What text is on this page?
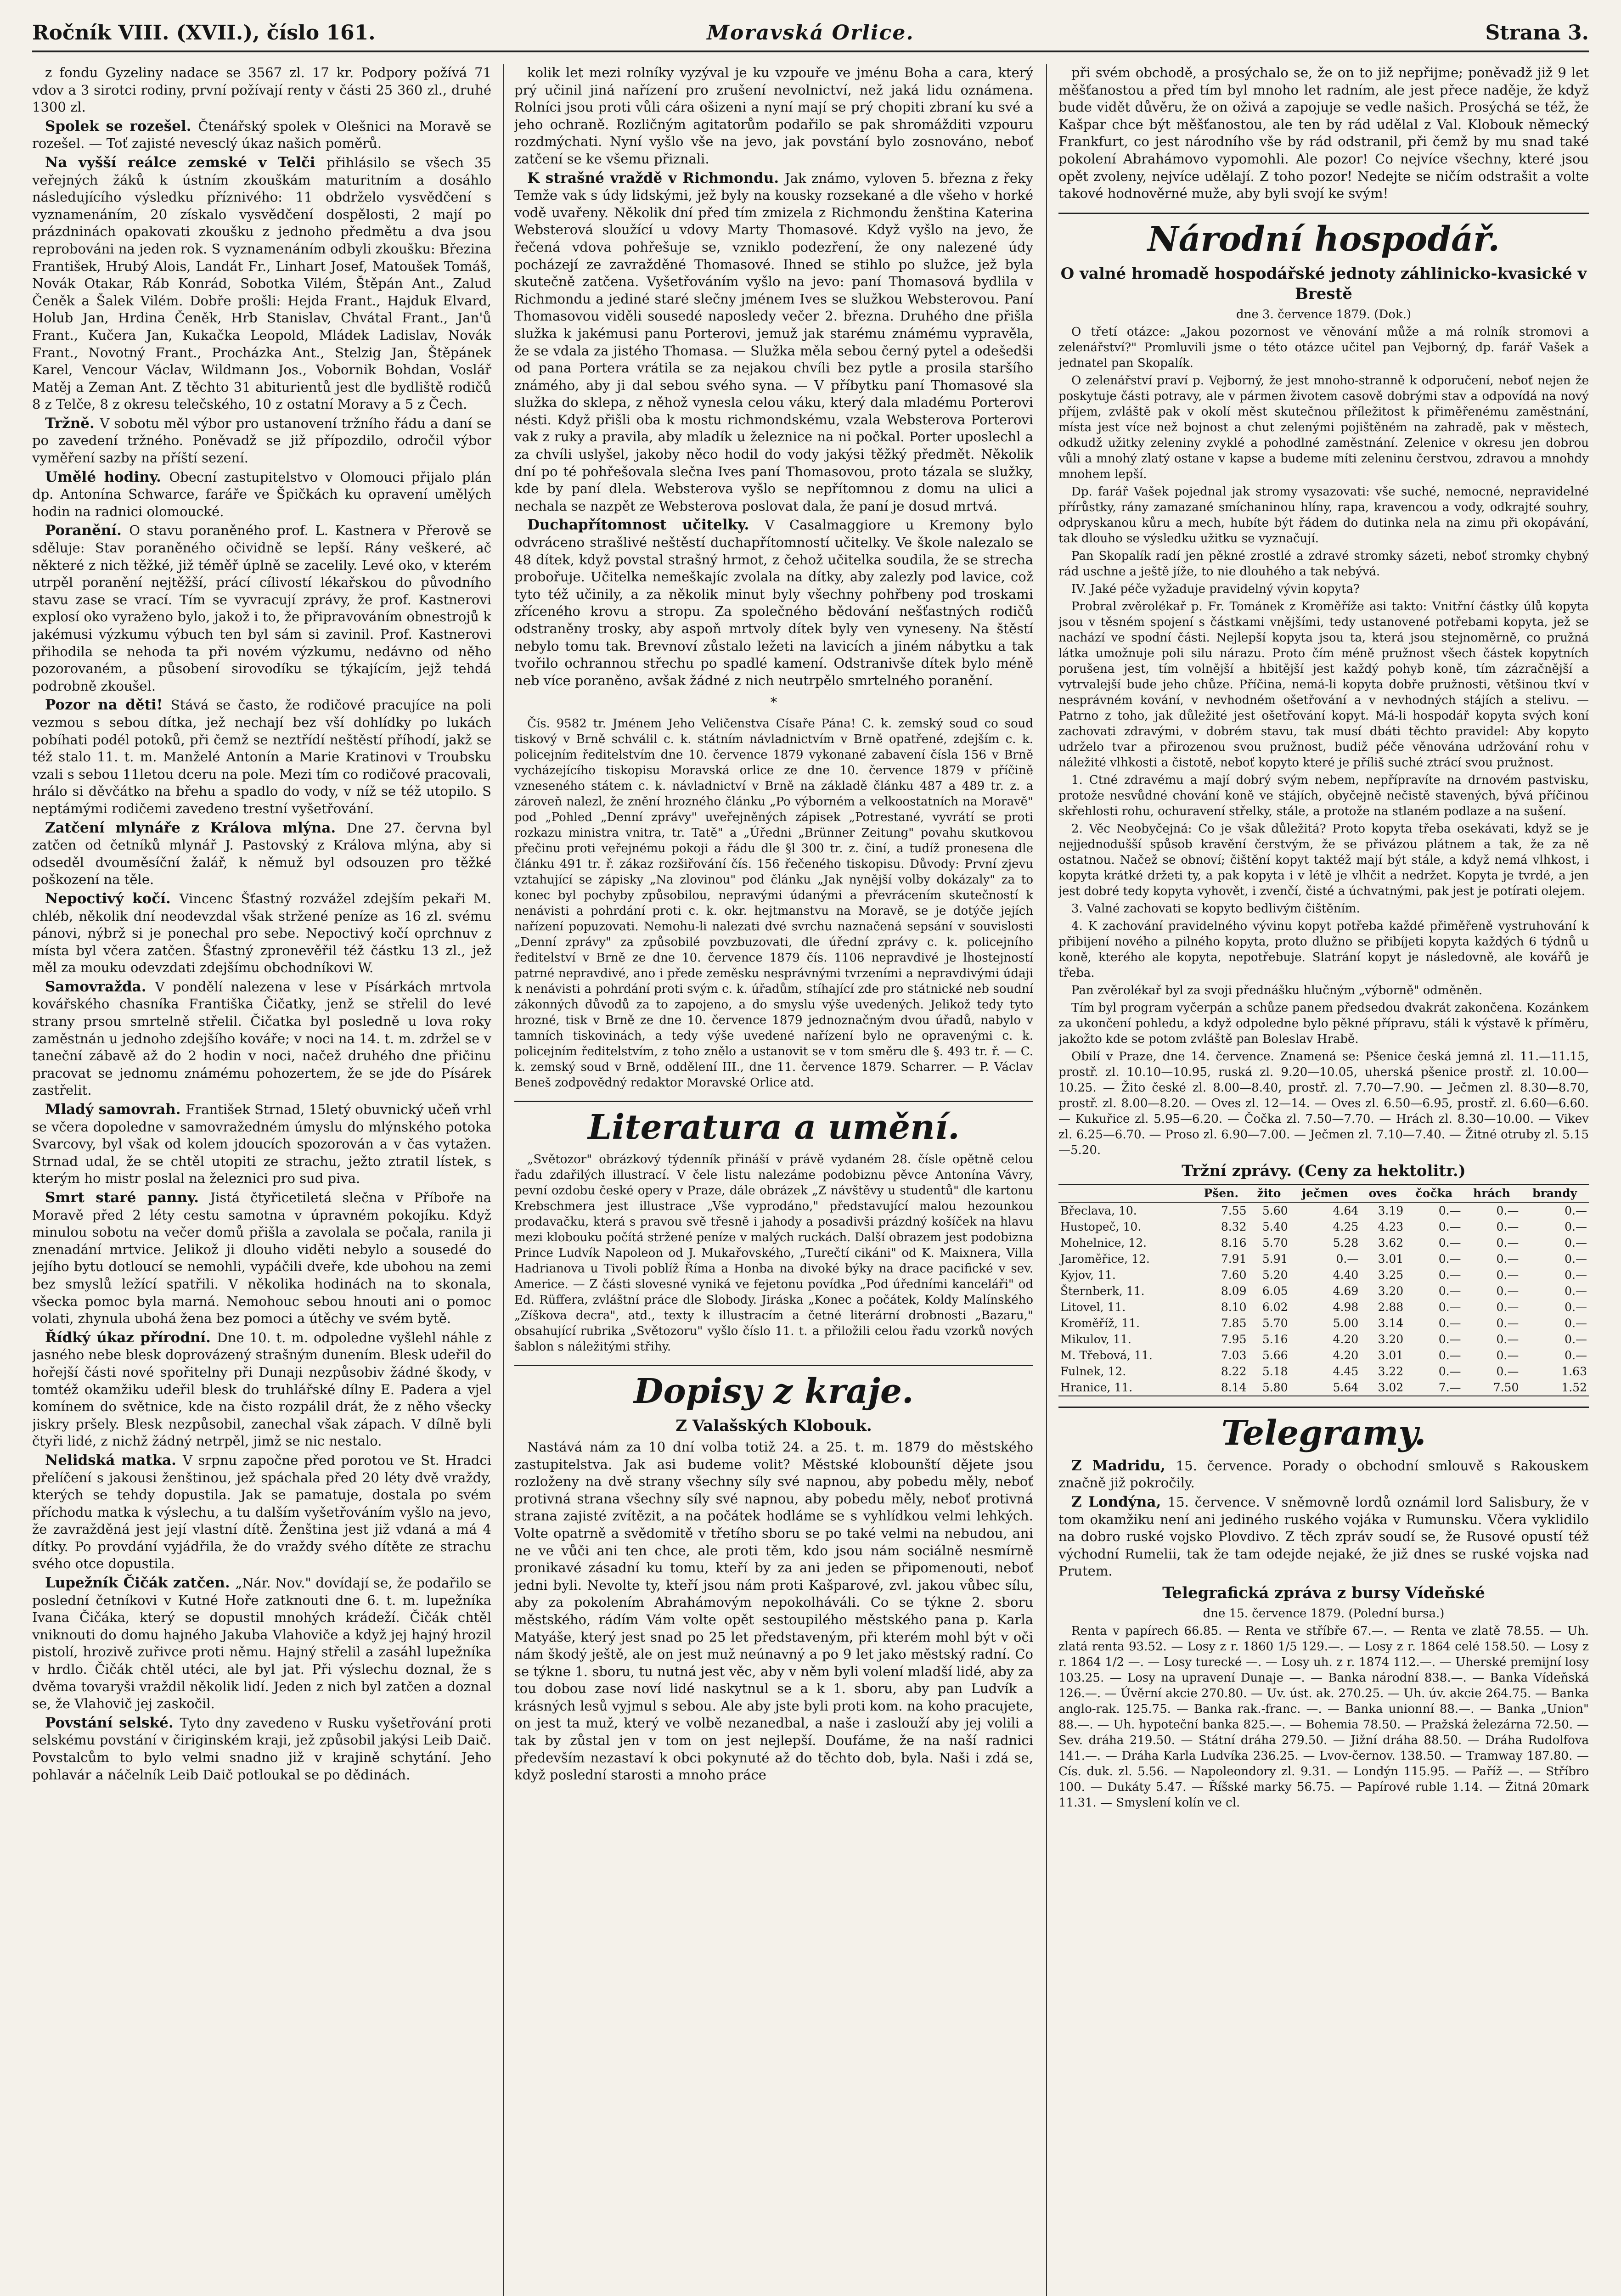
Ročník VIII. (XVII.), číslo 161.	Moravská Orlice.	Strana 3.

z fondu Gyzeliny nadace se 3567 zl. 17 kr. Podpory požívá 71 vdov a 3 sirotci rodiny, první požívají renty v části 25 360 zl., druhé 1300 zl.

Spolek se rozešel. Čtenářský spolek v Olešnici na Moravě se rozešel. — Toť zajisté nevesclý úkaz našich poměrů.

Na vyšší reálce zemské v Telči přihlásilo se všech 35 veřejných žáků k ústním zkouškám maturitním a dosáhlo následujícího výsledku příznivého: 11 obdrželo vysvědčení s vyznamenáním, 20 získalo vysvědčení dospělosti, 2 mají po prázdninách opakovati zkoušku z jednoho předmětu a dva jsou reprobováni na jeden rok. S vyznamenáním odbyli zkoušku: Březina František, Hrubý Alois, Landát Fr., Linhart Josef, Matoušek Tomáš, Novák Otakar, Ráb Konrád, Sobotka Vilém, Štěpán Ant., Zalud Čeněk a Šalek Vilém. Dobře prošli: Hejda Frant., Hajduk Elvard, Holub Jan, Hrdina Čeněk, Hrb Stanislav, Chvátal Frant., Jan'ů Frant., Kučera Jan, Kukačka Leopold, Mládek Ladislav, Novák Frant., Novotný Frant., Procházka Ant., Stelzig Jan, Štěpánek Karel, Vencour Václav, Wildmann Jos., Vobornik Bohdan, Voslář Matěj a Zeman Ant. Z těchto 31 abiturientů jest dle bydliště rodičů 8 z Telče, 8 z okresu telečského, 10 z ostatní Moravy a 5 z Čech.

Tržně. V sobotu měl výbor pro ustanovení tržního řádu a daní se po zavedení tržného. Poněvadž se již přípozdilo, odročil výbor vyměření sazby na příští sezení.

Umělé hodiny. Obecní zastupitelstvo v Olomouci přijalo plán dp. Antonína Schwarce, faráře ve Špičkách ku opravení umělých hodin na radnici olomoucké.

Poranění. O stavu poraněného prof. L. Kastnera v Přerově se sděluje: Stav poraněného očividně se lepší. Rány veškeré, ač některé z nich těžké, již téměř úplně se zacelily. Levé oko, v kterém utrpěl poranění nejtěžší, prácí cílivostí lékařskou do původního stavu zase se vrací. Tím se vyvracují zprávy, že prof. Kastnerovi explosí oko vyraženo bylo, jakož i to, že připravováním obnestrojů k jakémusi výzkumu výbuch ten byl sám si zavinil. Prof. Kastnerovi přihodila se nehoda ta při novém výzkumu, nedávno od něho pozorovaném, a působení sirovodíku se týkajícím, jejž tehdá podrobně zkoušel.

Pozor na děti! Stává se často, že rodičové pracujíce na poli vezmou s sebou dítka, jež nechají bez vší dohlídky po lukách pobíhati podél potoků, při čemž se neztřídí neštěstí příhodí, jakž se též stalo 11. t. m. Manželé Antonín a Marie Kratinovi v Troubsku vzali s sebou 11letou dceru na pole. Mezi tím co rodičové pracovali, hrálo si děvčátko na břehu a spadlo do vody, v níž se též utopilo. S neptámými rodičemi zavedeno trestní vyšetřování.

Zatčení mlynáře z Králova mlýna. Dne 27. června byl zatčen od četníků mlynář J. Pastovský z Králova mlýna, aby si odseděl dvouměsíční žalář, k němuž byl odsouzen pro těžké poškození na těle.

Nepoctivý kočí. Vincenc Šťastný rozvážel zdejším pekaři M. chléb, několik dní neodevzdal však stržené peníze as 16 zl. svému pánovi, nýbrž si je ponechal pro sebe. Nepoctivý kočí oprchnuv z místa byl včera zatčen. Šťastný zpronevěřil též částku 13 zl., jež měl za mouku odevzdati zdejšímu obchodníkovi W.

Samovražda. V pondělí nalezena v lese v Písárkách mrtvola kovářského chasníka Františka Čičatky, jenž se střelil do levé strany prsou smrtelně střelil. Čičatka byl posledně u lova roky zaměstnán u jednoho zdejšího kováře; v noci na 14. t. m. zdržel se v taneční zábavě až do 2 hodin v noci, načež druhého dne přičinu pracovat se jednomu známému pohozertem, že se jde do Písárek zastřelit.

Mladý samovrah. František Strnad, 15letý obuvnický učeň vrhl se včera dopoledne v samovražedném úmyslu do mlýnského potoka Svarcovy, byl však od kolem jdoucích spozorován a v čas vytažen. Strnad udal, že se chtěl utopiti ze strachu, ježto ztratil lístek, s kterým ho mistr poslal na železnici pro sud piva.

Smrt staré panny. Jistá čtyřicetiletá slečna v Příboře na Moravě před 2 léty cestu samotna v úpravném pokojíku. Když minulou sobotu na večer domů přišla a zavolala se počala, ranila ji znenadání mrtvice. Jelikož ji dlouho viděti nebylo a sousedé do jejího bytu dotloucí se nemohli, vypáčili dveře, kde ubohou na zemi bez smyslů ležící spatřili. V několika hodinách na to skonala, všecka pomoc byla marná. Nemohouc sebou hnouti ani o pomoc volati, zhynula ubohá žena bez pomoci a útěchy ve svém bytě.

Řídký úkaz přírodní. Dne 10. t. m. odpoledne vyšlehl náhle z jasného nebe blesk doprovázený strašným dunením. Blesk udeřil do hořejší části nové spořitelny při Dunaji nezpůsobiv žádné škody, v tomtéž okamžiku udeřil blesk do truhlářské dílny E. Padera a vjel komínem do světnice, kde na čisto rozpálil drát, že z něho všecky jiskry pršely. Blesk nezpůsobil, zanechal však zápach. V dílně byli čtyři lidé, z nichž žádný netrpěl, jimž se nic nestalo.

Nelidská matka. V srpnu započne před porotou ve St. Hradci přelíčení s jakousi ženštinou, jež spáchala před 20 léty dvě vraždy, kterých se tehdy dopustila. Jak se pamatuje, dostala po svém příchodu matka k výslechu, a tu dalším vyšetřováním vyšlo na jevo, že zavražděná jest její vlastní dítě. Ženština jest již vdaná a má 4 dítky. Po provdání vyjádřila, že do vraždy svého dítěte ze strachu svého otce dopustila.

Lupežník Čičák zatčen. „Nár. Nov." dovídají se, že podařilo se poslední četníkovi v Kutné Hoře zatknouti dne 6. t. m. lupežníka Ivana Čičáka, který se dopustil mnohých krádeží. Čičák chtěl vniknouti do domu hajného Jakuba Vlahoviče a když jej hajný hrozil pistolí, hrozivě zuřivce proti němu. Hajný střelil a zasáhl lupežníka v hrdlo. Čičák chtěl utéci, ale byl jat. Při výslechu doznal, že s dvěma tovaryši vraždil několik lidí. Jeden z nich byl zatčen a doznal se, že Vlahovič jej zaskočil.

Povstání selské. Tyto dny zavedeno v Rusku vyšetřování proti selskému povstání v čiriginském kraji, jež způsobil jakýsi Leib Daič. Povstalcům to bylo velmi snadno již v krajině schytání. Jeho pohlavár a náčelník Leib Daič potloukal se po dědinách.

kolik let mezi rolníky vyzýval je ku vzpouře ve jménu Boha a cara, který prý učinil jiná nařízení pro zrušení nevolnictví, než jaká lidu oznámena. Rolníci jsou proti vůli cára ošizeni a nyní mají se prý chopiti zbraní ku své a jeho ochraně. Rozličným agitatorům podařilo se pak shromážditi vzpouru rozdmýchati. Nyní vyšlo vše na jevo, jak povstání bylo zosnováno, neboť zatčení se ke všemu přiznali.

K strašné vraždě v Richmondu. Jak známo, vyloven 5. března z řeky Temže vak s údy lidskými, jež byly na kousky rozsekané a dle všeho v horké vodě uvařeny. Několik dní před tím zmizela z Richmondu ženština Katerina Websterová sloužící u vdovy Marty Thomasové. Když vyšlo na jevo, že řečená vdova pohřešuje se, vzniklo podezření, že ony nalezené údy pocházejí ze zavražděné Thomasové. Ihned se stihlo po služce, jež byla skutečně zatčena. Vyšetřováním vyšlo na jevo: paní Thomasová bydlila v Richmondu a jediné staré slečny jménem Ives se služkou Websterovou. Paní Thomasovou viděli sousedé naposledy večer 2. března. Druhého dne přišla služka k jakémusi panu Porterovi, jemuž jak starému známému vypravěla, že se vdala za jistého Thomasa. — Služka měla sebou černý pytel a odešedši od pana Portera vrátila se za nejakou chvíli bez pytle a prosila staršího známého, aby ji dal sebou svého syna. — V příbytku paní Thomasové sla služka do sklepa, z něhož vynesla celou váku, který dala mladému Porterovi nésti. Když přišli oba k mostu richmondskému, vzala Websterova Porterovi vak z ruky a pravila, aby mladík u železnice na ni počkal. Porter uposlechl a za chvíli uslyšel, jakoby něco hodil do vody jakýsi těžký předmět. Několik dní po té pohřešovala slečna Ives paní Thomasovou, proto tázala se služky, kde by paní dlela. Websterova vyšlo se nepřítomnou z domu na ulici a nechala se nazpět ze Websterova poslovat dala, že paní je dosud mrtvá.

Duchapřítomnost učitelky. V Casalmaggiore u Kremony bylo odvráceno strašlivé neštěstí duchapřítomností učitelky. Ve škole nalezalo se 48 dítek, když povstal strašný hrmot, z čehož učitelka soudila, že se strecha probořuje. Učitelka nemeškajíc zvolala na dítky, aby zalezly pod lavice, což tyto též učinily, a za několik minut byly všechny pohřbeny pod troskami zříceného krovu a stropu. Za společného bědování nešťastných rodičů odstraněny trosky, aby aspoň mrtvoly dítek byly ven vyneseny. Na štěstí nebylo tomu tak. Brevnoví zůstalo ležeti na lavicích a jiném nábytku a tak tvořilo ochrannou střechu po spadlé kamení. Odstranivše dítek bylo méně neb více poraněno, avšak žádné z nich neutrpělo smrtelného poranění.

*

Čís. 9582 tr. Jménem Jeho Veličenstva Císaře Pána! C. k. zemský soud co soud tiskový v Brně schválil c. k. státním návladnictvím v Brně opatřené, zdejším c. k. policejním ředitelstvím dne 10. července 1879 vykonané zabavení čísla 156 v Brně vycházejícího tiskopisu Moravská orlice ze dne 10. července 1879 v příčině vzneseného státem c. k. návladnictví v Brně na základě článku 487 a 489 tr. z. a zároveň nalezl, že znění hrozného článku „Po výborném a velkoostatních na Moravě" pod „Pohled „Denní zprávy" uveřejněných zápisek „Potrestané, vyvrátí se proti rozkazu ministra vnitra, tr. Tatě" a „Úředni „Brünner Zeitung" povahu skutkovou přečinu proti veřejnému pokoji a řádu dle §l 300 tr. z. činí, a tudíž pronesena dle článku 491 tr. ř. zákaz rozšiřování čís. 156 řečeného tiskopisu. Důvody: První zjevu vztahující se zápisky „Na zlovinou" pod článku „Jak nynější volby dokázaly" za to konec byl pochyby způsobilou, nepravými údanými a převrácením skutečností k nenávisti a pohrdání proti c. k. okr. hejtmanstvu na Moravě, se je dotýče jejích nařízení popuzovati. Nemohu-li nalezati dvé svrchu naznačená sepsání v souvislosti „Denní zprávy" za způsobilé povzbuzovati, dle úřední zprávy c. k. policejního ředitelství v Brně ze dne 10. července 1879 čís. 1106 nepravdivé je lhostejností patrné nepravdivé, ano i přede zeměsku nesprávnými tvrzeními a nepravdivými údaji k nenávisti a pohrdání proti svým c. k. úřadům, stíhající zde pro státnické neb soudní zákonných důvodů za to zapojeno, a do smyslu výše uvedených. Jelikož tedy tyto hrozné, tisk v Brně ze dne 10. července 1879 jednoznačným dvou úřadů, nabylo v tamních tiskovinách, a tedy výše uvedené nařízení bylo ne opravenými c. k. policejním ředitelstvím, z toho znělo a ustanovit se v tom směru dle §. 493 tr. ř. — C. k. zemský soud v Brně, oddělení III., dne 11. července 1879. Scharrer. — P. Václav Beneš zodpovědný redaktor Moravské Orlice atd.

Literatura a umění.

„Světozor" obrázkový týdenník přináší v právě vydaném 28. čísle opětně celou řadu zdařilých illustrací. V čele listu nalezáme podobiznu pěvce Antonína Vávry, pevní ozdobu české opery v Praze, dále obrázek „Z návštěvy u studentů" dle kartonu Krebschmera jest illustrace „Vše vyprodáno," představující malou hezounkou prodavačku, která s pravou svě třesně i jahody a posadivši prázdný košíček na hlavu mezi klobouku počítá stržené peníze v malých ruckách. Další obrazem jest podobizna Prince Ludvík Napoleon od J. Mukařovského, „Turečtí cikáni" od K. Maixnera, Villa Hadrianova u Tivoli poblíž Říma a Honba na divoké býky na drace pacifické v sev. Americe. — Z části slovesné vyniká ve fejetonu povídka „Pod úředními kanceláři" od Ed. Rüffera, zvláštní práce dle Slobody. Jiráska „Konec a počátek, Koldy Malínského „Zíškova decra", atd., texty k illustracím a četné literární drobnosti „Bazaru," obsahující rubrika „Světozoru" vyšlo číslo 11. t. a přiložili celou řadu vzorků nových šablon s náležitými střihy.

Dopisy z kraje.
Z Valašských Klobouk.

Nastává nám za 10 dní volba totiž 24. a 25. t. m. 1879 do městského zastupitelstva. Jak asi budeme volit? Městské klobounští dějete jsou rozloženy na dvě strany všechny síly své napnou, aby pobedu měly, neboť protivná strana všechny síly své napnou, aby pobedu měly, neboť protivná strana zajisté zvítězit, a na počátek hodláme se s vyhlídkou velmi lehkých. Volte opatrně a svědomitě v třetího sboru se po také velmi na nebudou, ani ne ve vůči ani ten chce, ale proti těm, kdo jsou nám sociálně nesmírně pronikavé zásadní ku tomu, kteří by za ani jeden se připomenouti, neboť jedni byli. Nevolte ty, kteří jsou nám proti Kašparové, zvl. jakou vůbec sílu, aby za pokolením Abrahámovým nepokolháváli. Co se týkne 2. sboru městského, rádím Vám volte opět sestoupilého městského pana p. Karla Matyáše, který jest snad po 25 let představeným, při kterém mohl být v oči nám škodý ještě, ale on jest muž neúnavný a po 9 let jako městský radní. Co se týkne 1. sboru, tu nutná jest věc, aby v něm byli volení mladší lidé, aby za tou dobou zase noví lidé naskytnul se a k 1. sboru, aby pan Ludvík a krásných lesů vyjmul s sebou. Ale aby jste byli proti kom. na koho pracujete, on jest ta muž, který ve volbě nezanedbal, a naše i zaslouží aby jej volili a tak by zůstal jen v tom on jest nejlepší. Doufáme, že na naší radnici především nezastaví k obci pokynuté až do těchto dob, byla. Naši i zdá se, když poslední starosti a mnoho práce

při svém obchodě, a prosýchalo se, že on to již nepřijme; poněvadž již 9 let měšťanostou a před tím byl mnoho let radním, ale jest přece naděje, že když bude vidět důvěru, že on oživá a zapojuje se vedle našich. Prosýchá se též, že Kašpar chce být měšťanostou, ale ten by rád udělal z Val. Klobouk německý Frankfurt, co jest národního vše by rád odstranil, při čemž by mu snad také pokolení Abrahámovo vypomohli. Ale pozor! Co nejvíce všechny, které jsou opět zvoleny, nejvíce udělají. Z toho pozor! Nedejte se ničím odstrašit a volte takové hodnověrné muže, aby byli svojí ke svým!

Národní hospodář.
O valné hromadě hospodářské jednoty záhlinicko-kvasické v Brestě

dne 3. července 1879. (Dok.)

O třetí otázce: „Jakou pozornost ve věnování může a má rolník stromovi a zelenářství?" Promluvili jsme o této otázce učitel pan Vejborný, dp. farář Vašek a jednatel pan Skopalík.

O zelenářství praví p. Vejborný, že jest mnoho-stranně k odporučení, neboť nejen že poskytuje části potravy, ale v pármen životem casově dobrými stav a odpovídá na nový příjem, zvláště pak v okolí měst skutečnou příležitost k přiměřenému zaměstnání, místa jest více než bojnost a chut zelenými pojištěném na zahradě, pak v městech, odkudž užitky zeleniny zvyklé a pohodlné zaměstnání. Zelenice v okresu jen dobrou vůli a mnohý zlatý ostane v kapse a budeme míti zeleninu čerstvou, zdravou a mnohdy mnohem lepší.

Dp. farář Vašek pojednal jak stromy vysazovati: vše suché, nemocné, nepravidelné přírůstky, rány zamazané smíchaninou hlíny, rapa, kravencou a vody, odkrajté souhry, odpryskanou kůru a mech, hubíte být řádem do dutinka nela na zimu při okopávání, tak dlouho se výsledku užitku se vyznačují.

Pan Skopalík radí jen pěkné zrostlé a zdravé stromky sázeti, neboť stromky chybný rád uschne a ještě jíže, to nie dlouhého a tak nebývá.

IV. Jaké péče vyžaduje pravidelný vývin kopyta?

Probral zvěrolékař p. Fr. Tománek z Kroměříže asi takto: Vnitřní částky úlů kopyta jsou v těsném spojení s částkami vnějšími, tedy ustanovené potřebami kopyta, jež se nachází ve spodní části. Nejlepší kopyta jsou ta, která jsou stejnoměrně, co pružná látka umožnuje poli silu nárazu. Proto čím méně pružnost všech částek kopytních porušena jest, tím volnější a hbitější jest každý pohyb koně, tím zázračnější a vytrvalejší bude jeho chůze. Příčina, nemá-li kopyta dobře pružnosti, většinou tkví v nesprávném kování, v nevhodném ošetřování a v nevhodných stájích a stelivu. — Patrno z toho, jak důležité jest ošetřování kopyt. Má-li hospodář kopyta svých koní zachovati zdravými, v dobrém stavu, tak musí dbáti těchto pravidel: Aby kopyto udrželo tvar a přirozenou svou pružnost, budiž péče věnována udržování rohu v náležité vlhkosti a čistotě, neboť kopyto které je příliš suché ztrácí svou pružnost.

1. Ctné zdravému a mají dobrý svým nebem, nepřípravíte na drnovém pastvisku, protože nesvůdné chování koně ve stájích, obyčejně nečistě stavených, bývá příčinou skřehlosti rohu, ochuravení střelky, stále, a protože na stlaném podlaze a na sušení.

2. Věc Neobyčejná: Co je však důležitá? Proto kopyta třeba osekávati, když se je nejjednodušší spůsob kravění čerstvým, že se přivázou plátnem a tak, že za ně ostatnou. Načež se obnoví; čištění kopyt taktéž mají být stále, a když nemá vlhkost, i kopyta krátké držeti ty, a pak kopyta i v létě je vlhčit a nedržet. Kopyta je tvrdé, a jen jest dobré tedy kopyta vyhovět, i zvenčí, čisté a úchvatnými, pak jest je potírati olejem.

3. Valné zachovati se kopyto bedlivým čištěním.

4. K zachování pravidelného vývinu kopyt potřeba každé přiměřeně vystruhování k přibijení nového a pilného kopyta, proto dlužno se přibíjeti kopyta každých 6 týdnů u koně, kterého ale kopyta, nepotřebuje. Slatrání kopyt je následovně, ale kovářů je třeba.

Pan zvěrolékař byl za svoji přednášku hlučným „výborně" odměněn.

Tím byl program vyčerpán a schůze panem předsedou dvakrát zakončena. Kozánkem za ukončení pohledu, a když odpoledne bylo pěkné přípravu, stáli k výstavě k příměru, jakožto kde se potom zvláště pan Boleslav Hrabě.

Obilí v Praze, dne 14. července. Znamená se: Pšenice česká jemná zl. 11.—11.15, prostř. zl. 10.10—10.95, ruská zl. 9.20—10.05, uherská pšenice prostř. zl. 10.00—10.25. — Žito české zl. 8.00—8.40, prostř. zl. 7.70—7.90. — Ječmen zl. 8.30—8.70, prostř. zl. 8.00—8.20. — Oves zl. 12—14. — Oves zl. 6.50—6.95, prostř. zl. 6.60—6.60. — Kukuřice zl. 5.95—6.20. — Čočka zl. 7.50—7.70. — Hrách zl. 8.30—10.00. — Vikev zl. 6.25—6.70. — Proso zl. 6.90—7.00. — Ječmen zl. 7.10—7.40. — Žitné otruby zl. 5.15—5.20.

Tržní zprávy. (Ceny za hektolitr.)
	Pšen.	žito	ječmen	oves	čočka	hrách	brandy
Břeclava, 10.	7.55	5.60	4.64	3.19	0.—	0.—	0.—
Hustopeč, 10.	8.32	5.40	4.25	4.23	0.—	0.—	0.—
Mohelnice, 12.	8.16	5.70	5.28	3.62	0.—	0.—	0.—
Jaroměřice, 12.	7.91	5.91	0.—	3.01	0.—	0.—	0.—
Kyjov, 11.	7.60	5.20	4.40	3.25	0.—	0.—	0.—
Šternberk, 11.	8.09	6.05	4.69	3.20	0.—	0.—	0.—
Litovel, 11.	8.10	6.02	4.98	2.88	0.—	0.—	0.—
Kroměříž, 11.	7.85	5.70	5.00	3.14	0.—	0.—	0.—
Mikulov, 11.	7.95	5.16	4.20	3.20	0.—	0.—	0.—
M. Třebová, 11.	7.03	5.66	4.20	3.01	0.—	0.—	0.—
Fulnek, 12.	8.22	5.18	4.45	3.22	0.—	0.—	1.63
Hranice, 11.	8.14	5.80	5.64	3.02	7.—	7.50	1.52
Telegramy.

Z Madridu, 15. července. Porady o obchodní smlouvě s Rakouskem značně již pokročily.

Z Londýna, 15. července. V sněmovně lordů oznámil lord Salisbury, že v tom okamžiku není ani jediného ruského vojáka v Rumunsku. Včera vyklidilo na dobro ruské vojsko Plovdivo. Z těch zpráv soudí se, že Rusové opustí též východní Rumelii, tak že tam odejde nejaké, že již dnes se ruské vojska nad Prutem.

Telegrafická zpráva z bursy Vídeňské

dne 15. července 1879. (Polední bursa.)

Renta v papírech 66.85. — Renta ve stříbře 67.—. — Renta ve zlatě 78.55. — Uh. zlatá renta 93.52. — Losy z r. 1860 1/5 129.—. — Losy z r. 1864 celé 158.50. — Losy z r. 1864 1/2 —. — Losy turecké —. — Losy uh. z r. 1874 112.—. — Uherské premijní losy 103.25. — Losy na upravení Dunaje —. — Banka národní 838.—. — Banka Vídeňská 126.—. — Úvěrní akcie 270.80. — Uv. úst. ak. 270.25. — Uh. úv. akcie 264.75. — Banka anglo-rak. 125.75. — Banka rak.-franc. —. — Banka unionní 88.—. — Banka „Union" 88.—. — Uh. hypoteční banka 825.—. — Bohemia 78.50. — Pražská železárna 72.50. — Sev. dráha 219.50. — Státní dráha 279.50. — Jižní dráha 88.50. — Dráha Rudolfova 141.—. — Dráha Karla Ludvíka 236.25. — Lvov-černov. 138.50. — Tramway 187.80. — Cís. duk. zl. 5.56. — Napoleondory zl. 9.31. — Londýn 115.95. — Paříž —. — Stříbro 100. — Dukáty 5.47. — Říšské marky 56.75. — Papírové ruble 1.14. — Žitná 20mark 11.31. — Smyslení kolín ve cl.
